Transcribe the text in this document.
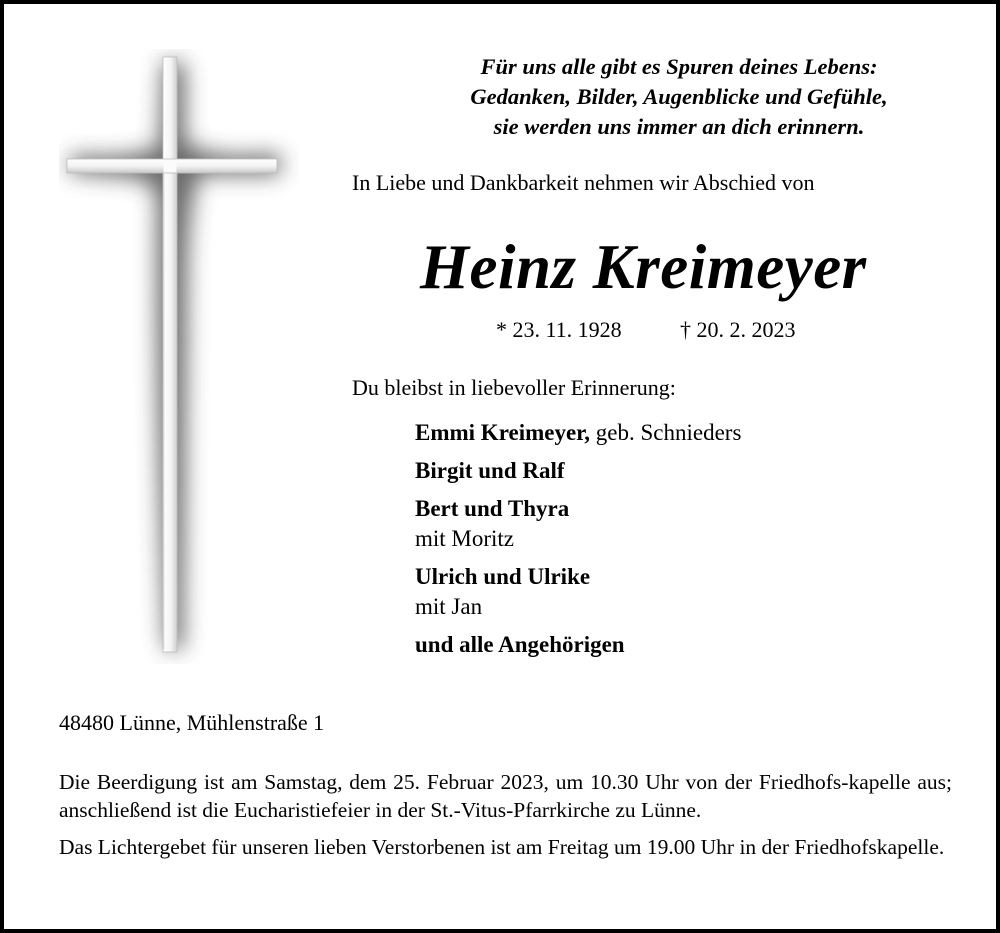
Für uns alle gibt es Spuren deines Lebens:
Gedanken, Bilder, Augenblicke und Gefühle,
sie werden uns immer an dich erinnern.
In Liebe und Dankbarkeit nehmen wir Abschied von
Heinz Kreimeyer
* 23. 11. 1928	† 20. 2. 2023
Du bleibst in liebevoller Erinnerung:
Emmi Kreimeyer, geb. Schnieders
Birgit und Ralf
Bert und Thyra
mit Moritz
Ulrich und Ulrike
mit Jan
und alle Angehörigen
48480 Lünne, Mühlenstraße 1
Die Beerdigung ist am Samstag, dem 25. Februar 2023, um 10.30 Uhr von der Friedhofs-kapelle aus; anschließend ist die Eucharistiefeier in der St.-Vitus-Pfarrkirche zu Lünne.
Das Lichtergebet für unseren lieben Verstorbenen ist am Freitag um 19.00 Uhr in der Friedhofskapelle.
